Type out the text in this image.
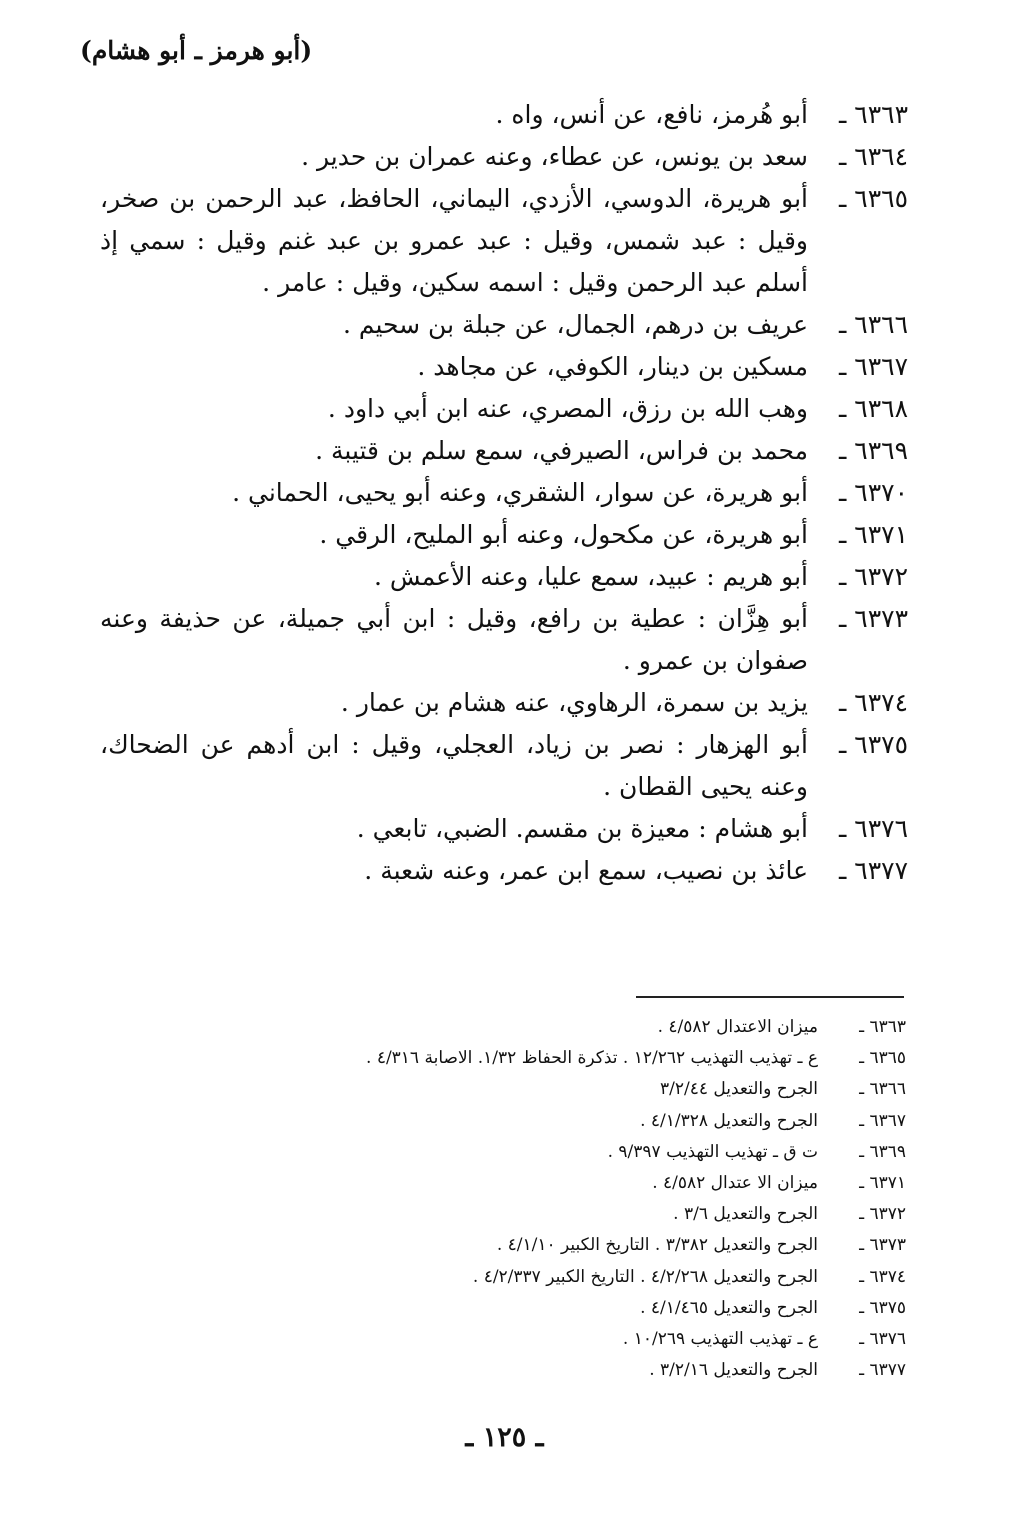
(أبو هرمز ـ أبو هشام)
٦٣٦٣ ـ
أبو هُرمز، نافع، عن أنس، واه .
٦٣٦٤ ـ
سعد بن يونس، عن عطاء، وعنه عمران بن حدير .
٦٣٦٥ ـ
أبو هريرة، الدوسي، الأزدي، اليماني، الحافظ، عبد الرحمن بن صخر، وقيل : عبد شمس، وقيل : عبد عمرو بن عبد غنم وقيل : سمي إذ أسلم عبد الرحمن وقيل : اسمه سكين، وقيل : عامر .
٦٣٦٦ ـ
عريف بن درهم، الجمال، عن جبلة بن سحيم .
٦٣٦٧ ـ
مسكين بن دينار، الكوفي، عن مجاهد .
٦٣٦٨ ـ
وهب الله بن رزق، المصري، عنه ابن أبي داود .
٦٣٦٩ ـ
محمد بن فراس، الصيرفي، سمع سلم بن قتيبة .
٦٣٧٠ ـ
أبو هريرة، عن سوار، الشقري، وعنه أبو يحيى، الحماني .
٦٣٧١ ـ
أبو هريرة، عن مكحول، وعنه أبو المليح، الرقي .
٦٣٧٢ ـ
أبو هريم : عبيد، سمع عليا، وعنه الأعمش .
٦٣٧٣ ـ
أبو هِزَّان : عطية بن رافع، وقيل : ابن أبي جميلة، عن حذيفة وعنه صفوان بن عمرو .
٦٣٧٤ ـ
يزيد بن سمرة، الرهاوي، عنه هشام بن عمار .
٦٣٧٥ ـ
أبو الهزهار : نصر بن زياد، العجلي، وقيل : ابن أدهم عن الضحاك، وعنه يحيى القطان .
٦٣٧٦ ـ
أبو هشام : معيزة بن مقسم. الضبي، تابعي .
٦٣٧٧ ـ
عائذ بن نصيب، سمع ابن عمر، وعنه شعبة .
٦٣٦٣ ـ
ميزان الاعتدال ٤/٥٨٢ .
٦٣٦٥ ـ
ع ـ تهذيب التهذيب ١٢/٢٦٢ . تذكرة الحفاظ ١/٣٢. الاصابة ٤/٣١٦ .
٦٣٦٦ ـ
الجرح والتعديل ٣/٢/٤٤
٦٣٦٧ ـ
الجرح والتعديل ٤/١/٣٢٨ .
٦٣٦٩ ـ
ت ق ـ تهذيب التهذيب ٩/٣٩٧ .
٦٣٧١ ـ
ميزان الا عتدال ٤/٥٨٢ .
٦٣٧٢ ـ
الجرح والتعديل ٣/٦ .
٦٣٧٣ ـ
الجرح والتعديل ٣/٣٨٢ . التاريخ الكبير ٤/١/١٠ .
٦٣٧٤ ـ
الجرح والتعديل ٤/٢/٢٦٨ . التاريخ الكبير ٤/٢/٣٣٧ .
٦٣٧٥ ـ
الجرح والتعديل ٤/١/٤٦٥ .
٦٣٧٦ ـ
ع ـ تهذيب التهذيب ١٠/٢٦٩ .
٦٣٧٧ ـ
الجرح والتعديل ٣/٢/١٦ .
ـ ١٢٥ ـ
